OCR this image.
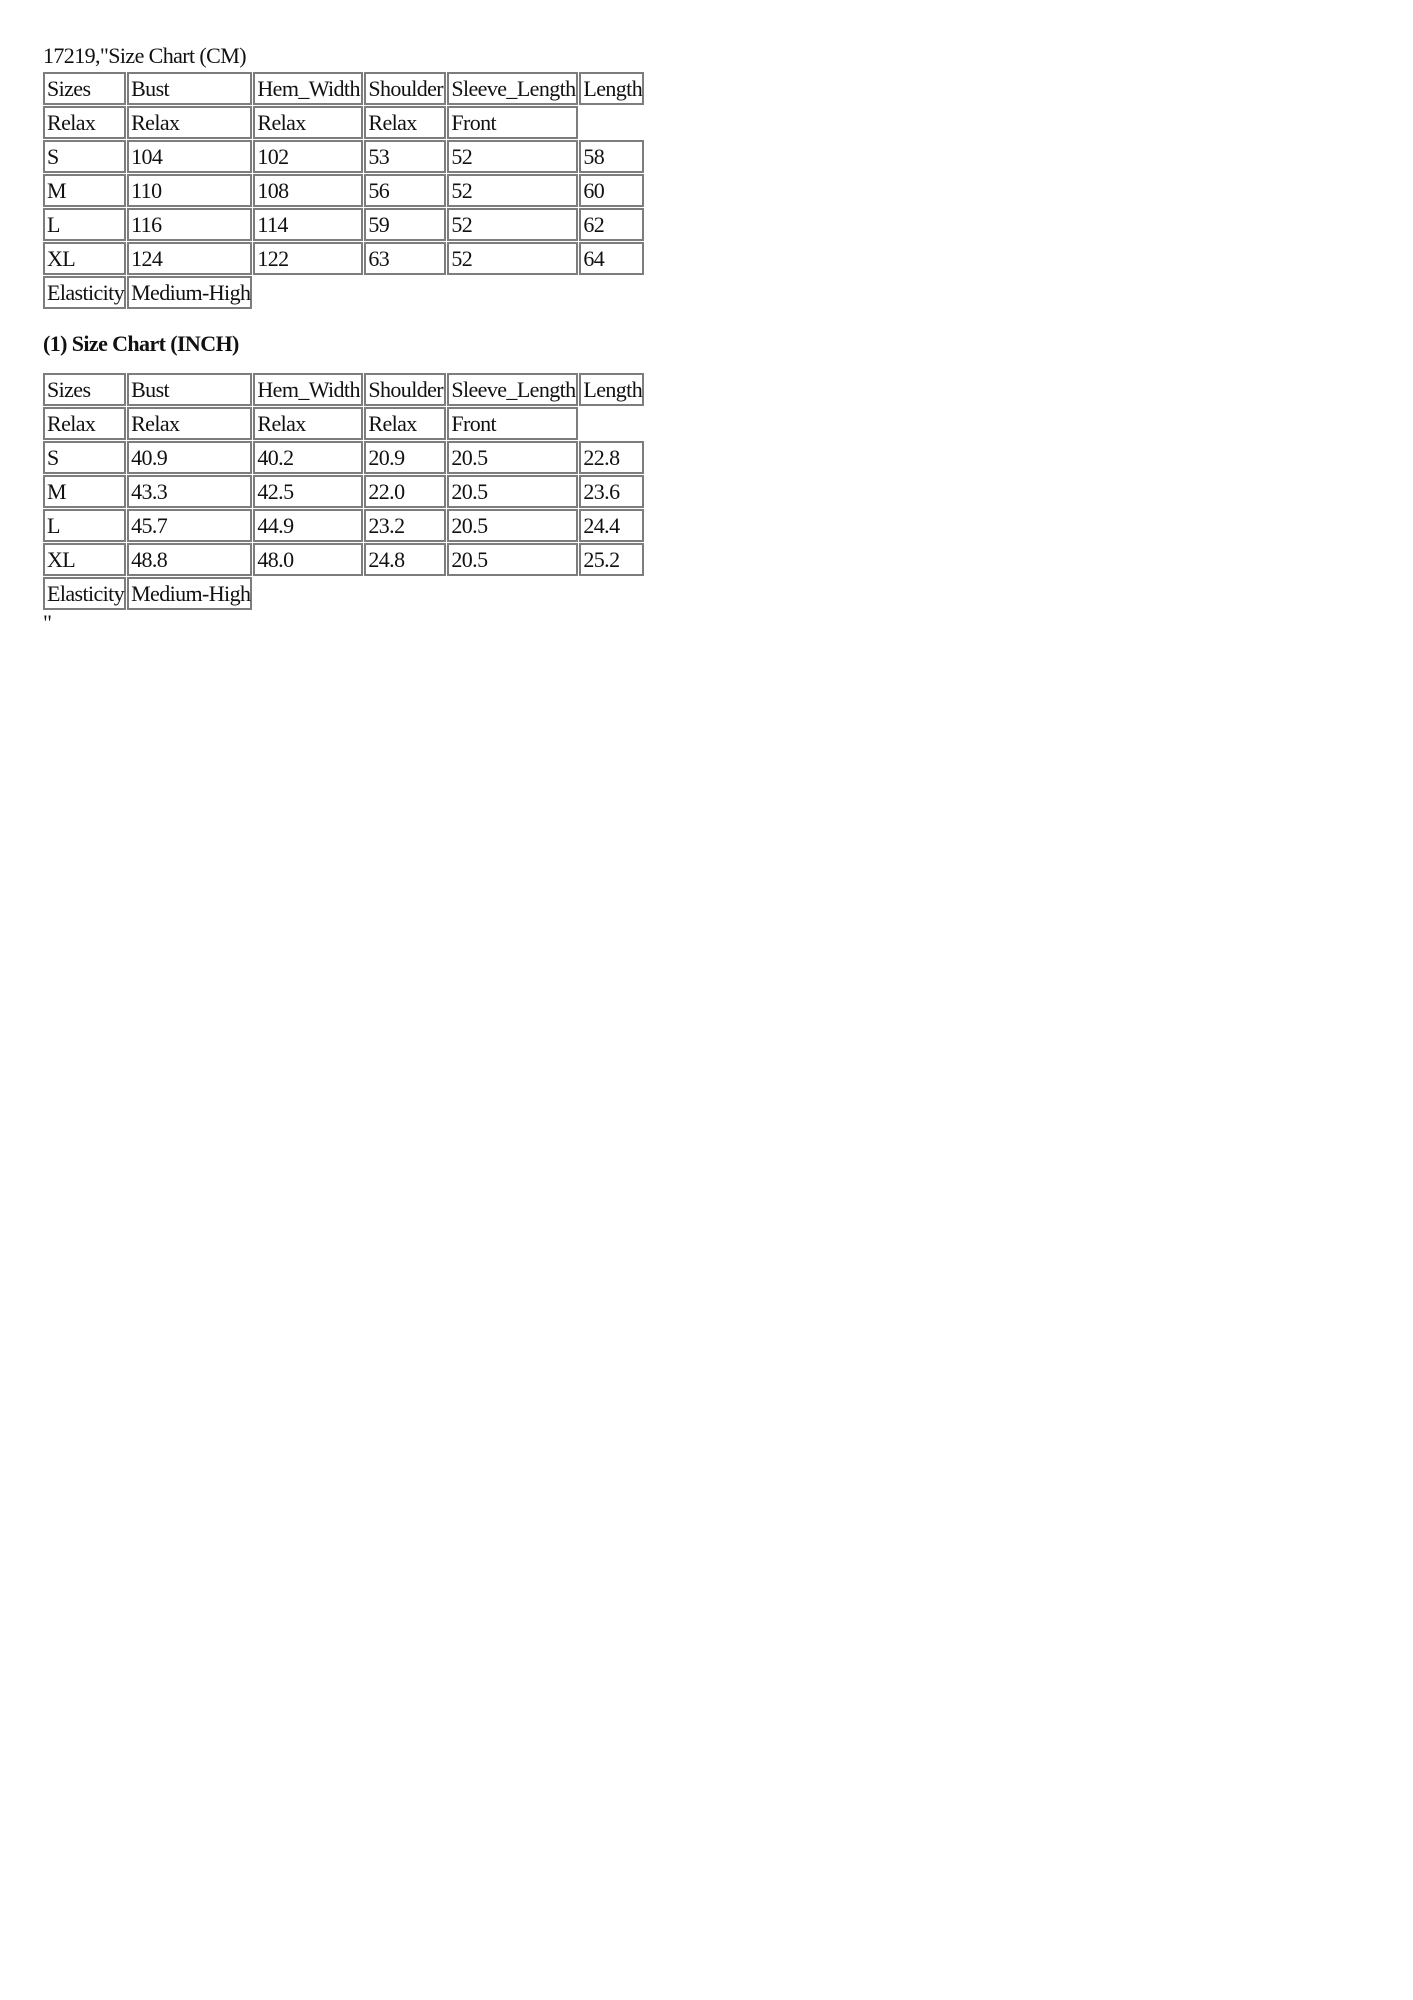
17219,"Size Chart (CM)
Sizes	Bust	Hem_Width	Shoulder	Sleeve_Length	Length
Relax	Relax	Relax	Relax	Front	
S	104	102	53	52	58
M	110	108	56	52	60
L	116	114	59	52	62
XL	124	122	63	52	64
Elasticity	Medium-High				
(1) Size Chart (INCH)
Sizes	Bust	Hem_Width	Shoulder	Sleeve_Length	Length
Relax	Relax	Relax	Relax	Front	
S	40.9	40.2	20.9	20.5	22.8
M	43.3	42.5	22.0	20.5	23.6
L	45.7	44.9	23.2	20.5	24.4
XL	48.8	48.0	24.8	20.5	25.2
Elasticity	Medium-High				
"
